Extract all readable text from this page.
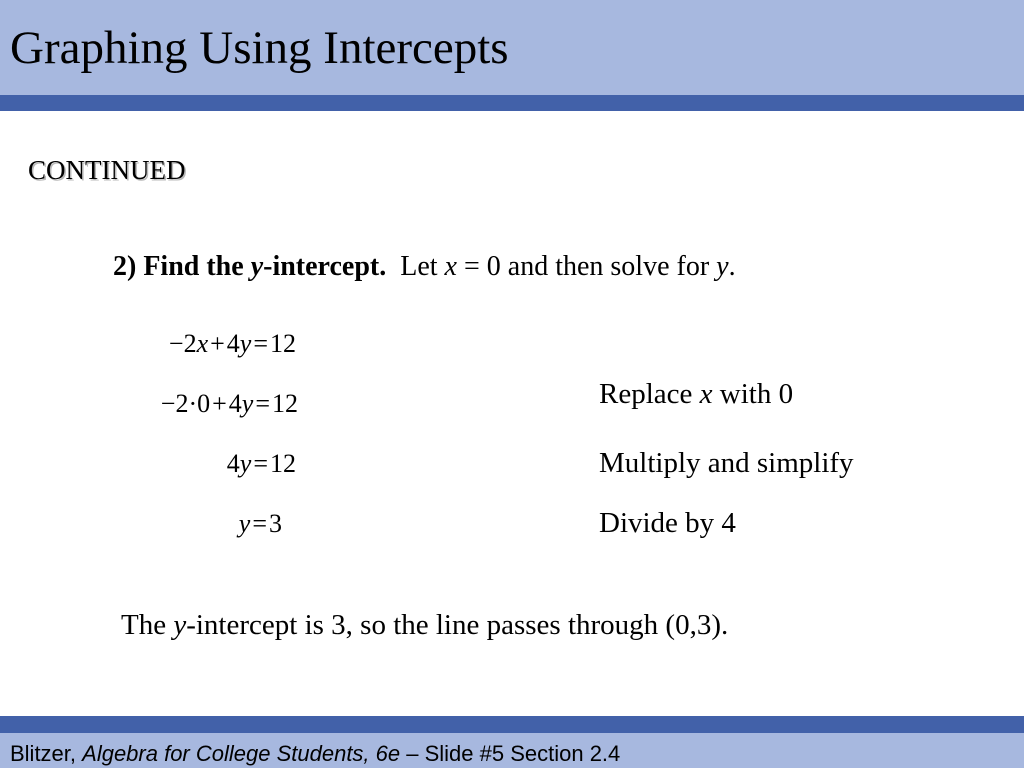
Graphing Using Intercepts
CONTINUED
2) Find the y-intercept. Let x = 0 and then solve for y.
−2x+4y=12
−2·0+4y=12
4y=12
y=3
Replace x with 0
Multiply and simplify
Divide by 4
The y-intercept is 3, so the line passes through (0,3).
Blitzer, Algebra for College Students, 6e – Slide #5 Section 2.4
